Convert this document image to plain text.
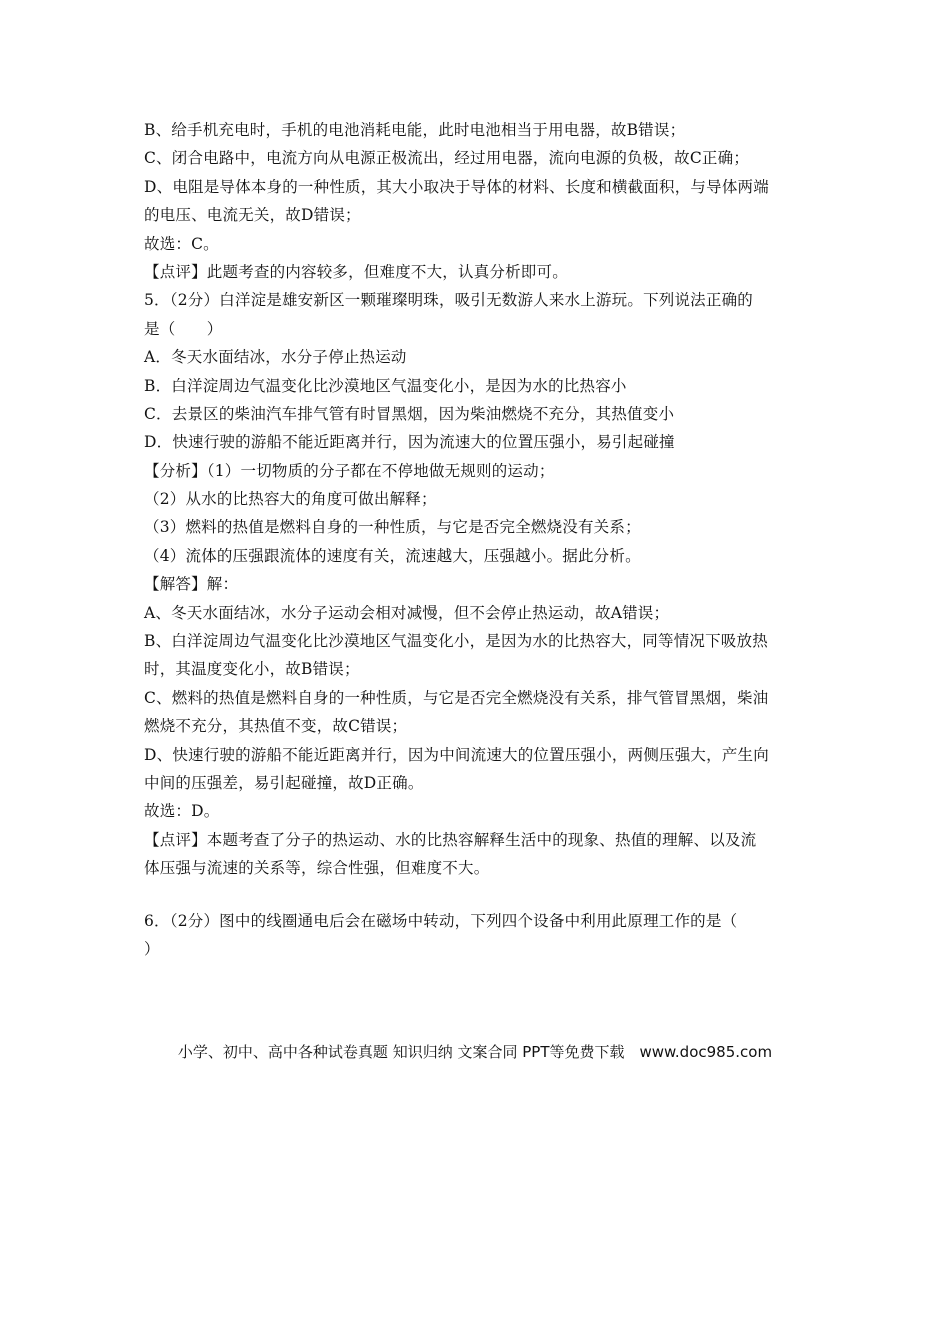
B、给手机充电时，手机的电池消耗电能，此时电池相当于用电器，故B错误；
C、闭合电路中，电流方向从电源正极流出，经过用电器，流向电源的负极，故C正确；
D、电阻是导体本身的一种性质，其大小取决于导体的材料、长度和横截面积，与导体两端
的电压、电流无关，故D错误；
故选：C。
【点评】此题考查的内容较多，但难度不大，认真分析即可。
5．（2分）白洋淀是雄安新区一颗璀璨明珠，吸引无数游人来水上游玩。下列说法正确的
是（　　）
A．冬天水面结冰，水分子停止热运动
B．白洋淀周边气温变化比沙漠地区气温变化小，是因为水的比热容小
C．去景区的柴油汽车排气管有时冒黑烟，因为柴油燃烧不充分，其热值变小
D．快速行驶的游船不能近距离并行，因为流速大的位置压强小，易引起碰撞
【分析】（1）一切物质的分子都在不停地做无规则的运动；
（2）从水的比热容大的角度可做出解释；
（3）燃料的热值是燃料自身的一种性质，与它是否完全燃烧没有关系；
（4）流体的压强跟流体的速度有关，流速越大，压强越小。据此分析。
【解答】解：
A、冬天水面结冰，水分子运动会相对减慢，但不会停止热运动，故A错误；
B、白洋淀周边气温变化比沙漠地区气温变化小，是因为水的比热容大，同等情况下吸放热
时，其温度变化小，故B错误；
C、燃料的热值是燃料自身的一种性质，与它是否完全燃烧没有关系，排气管冒黑烟，柴油
燃烧不充分，其热值不变，故C错误；
D、快速行驶的游船不能近距离并行，因为中间流速大的位置压强小，两侧压强大，产生向
中间的压强差，易引起碰撞，故D正确。
故选：D。
【点评】本题考查了分子的热运动、水的比热容解释生活中的现象、热值的理解、以及流
体压强与流速的关系等，综合性强，但难度不大。
6．（2分）图中的线圈通电后会在磁场中转动，下列四个设备中利用此原理工作的是（
）
小学、初中、高中各种试卷真题 知识归纳 文案合同 PPT等免费下载　www.doc985.com
